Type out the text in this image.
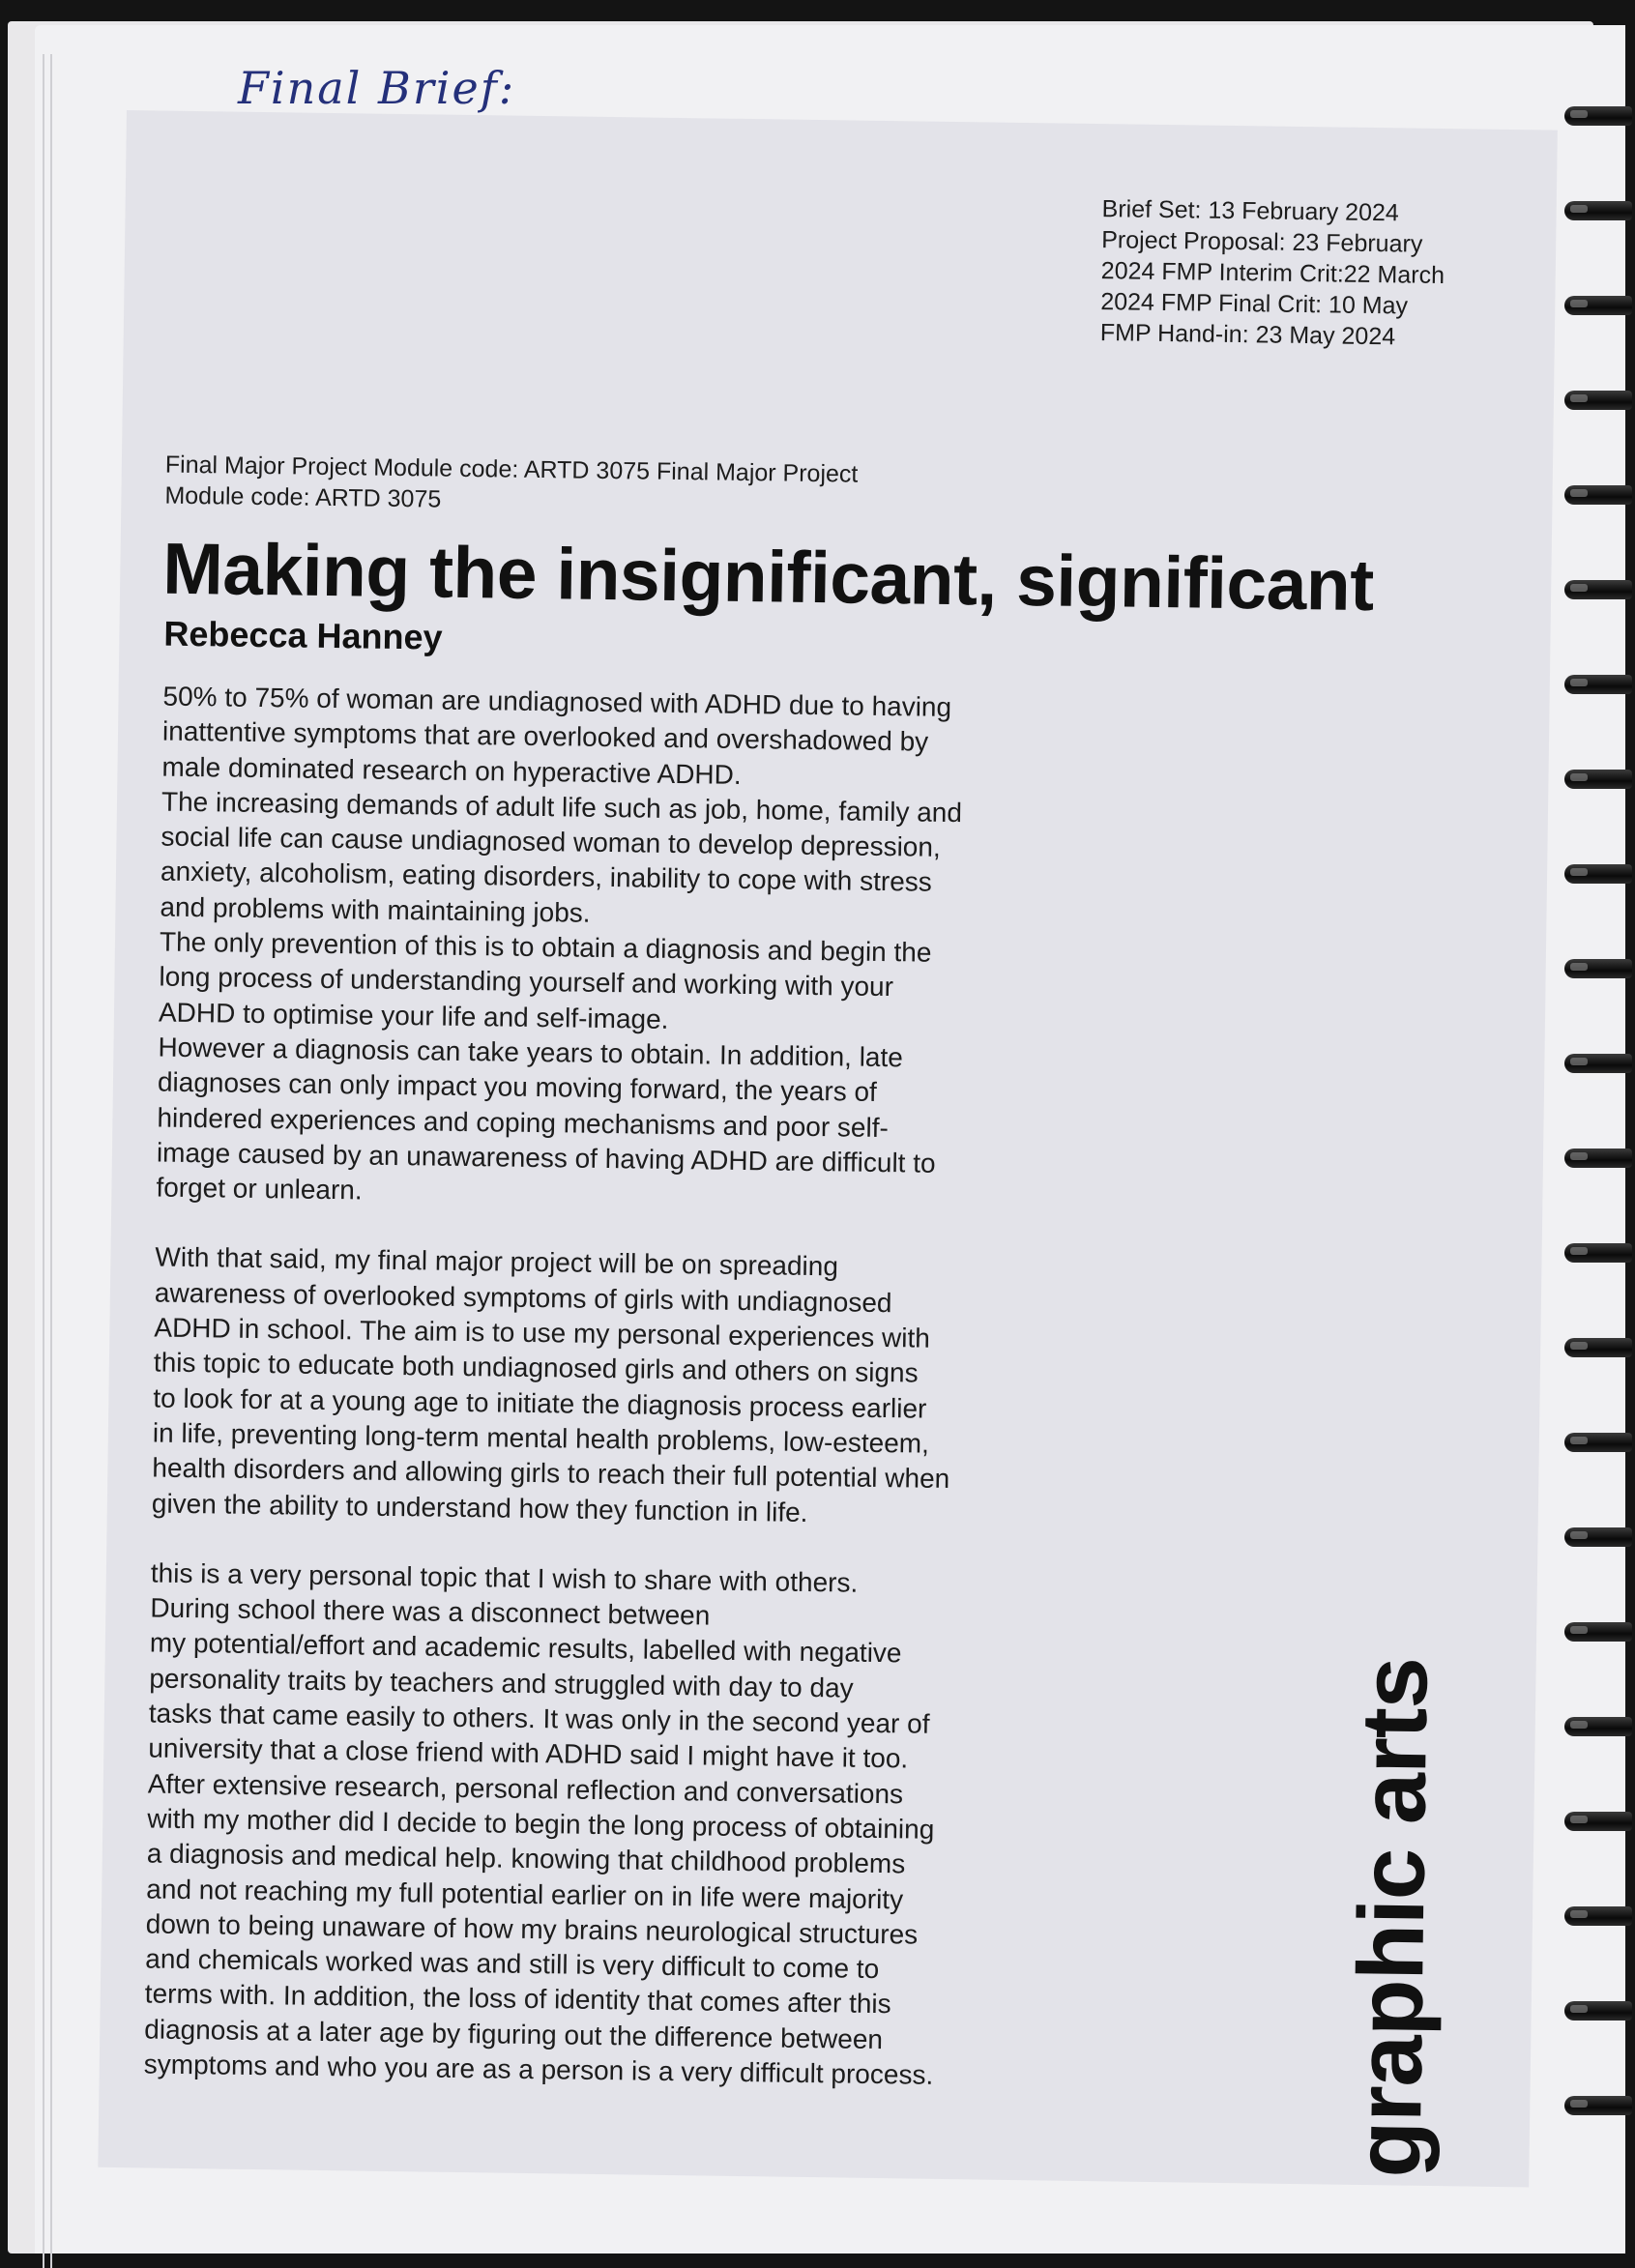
Final Brief:
Brief Set: 13 February 2024
Project Proposal: 23 February
2024 FMP Interim Crit:22 March
2024 FMP Final Crit: 10 May
FMP Hand-in: 23 May 2024
Final Major Project Module code: ARTD 3075 Final Major Project
Module code: ARTD 3075
Making the insignificant, significant
Rebecca Hanney

50% to 75% of woman are undiagnosed with ADHD due to having
inattentive symptoms that are overlooked and overshadowed by
male dominated research on hyperactive ADHD.
The increasing demands of adult life such as job, home, family and
social life can cause undiagnosed woman to develop depression,
anxiety, alcoholism, eating disorders, inability to cope with stress
and problems with maintaining jobs.
The only prevention of this is to obtain a diagnosis and begin the
long process of understanding yourself and working with your
ADHD to optimise your life and self-image.
However a diagnosis can take years to obtain. In addition, late
diagnoses can only impact you moving forward, the years of
hindered experiences and coping mechanisms and poor self-
image caused by an unawareness of having ADHD are difficult to
forget or unlearn.

With that said, my final major project will be on spreading
awareness of overlooked symptoms of girls with undiagnosed
ADHD in school. The aim is to use my personal experiences with
this topic to educate both undiagnosed girls and others on signs
to look for at a young age to initiate the diagnosis process earlier
in life, preventing long-term mental health problems, low-esteem,
health disorders and allowing girls to reach their full potential when
given the ability to understand how they function in life.

this is a very personal topic that I wish to share with others.
During school there was a disconnect between
my potential/effort and academic results, labelled with negative
personality traits by teachers and struggled with day to day
tasks that came easily to others. It was only in the second year of
university that a close friend with ADHD said I might have it too.
After extensive research, personal reflection and conversations
with my mother did I decide to begin the long process of obtaining
a diagnosis and medical help. knowing that childhood problems
and not reaching my full potential earlier on in life were majority
down to being unaware of how my brains neurological structures
and chemicals worked was and still is very difficult to come to
terms with. In addition, the loss of identity that comes after this
diagnosis at a later age by figuring out the difference between
symptoms and who you are as a person is a very difficult process.	graphic arts
